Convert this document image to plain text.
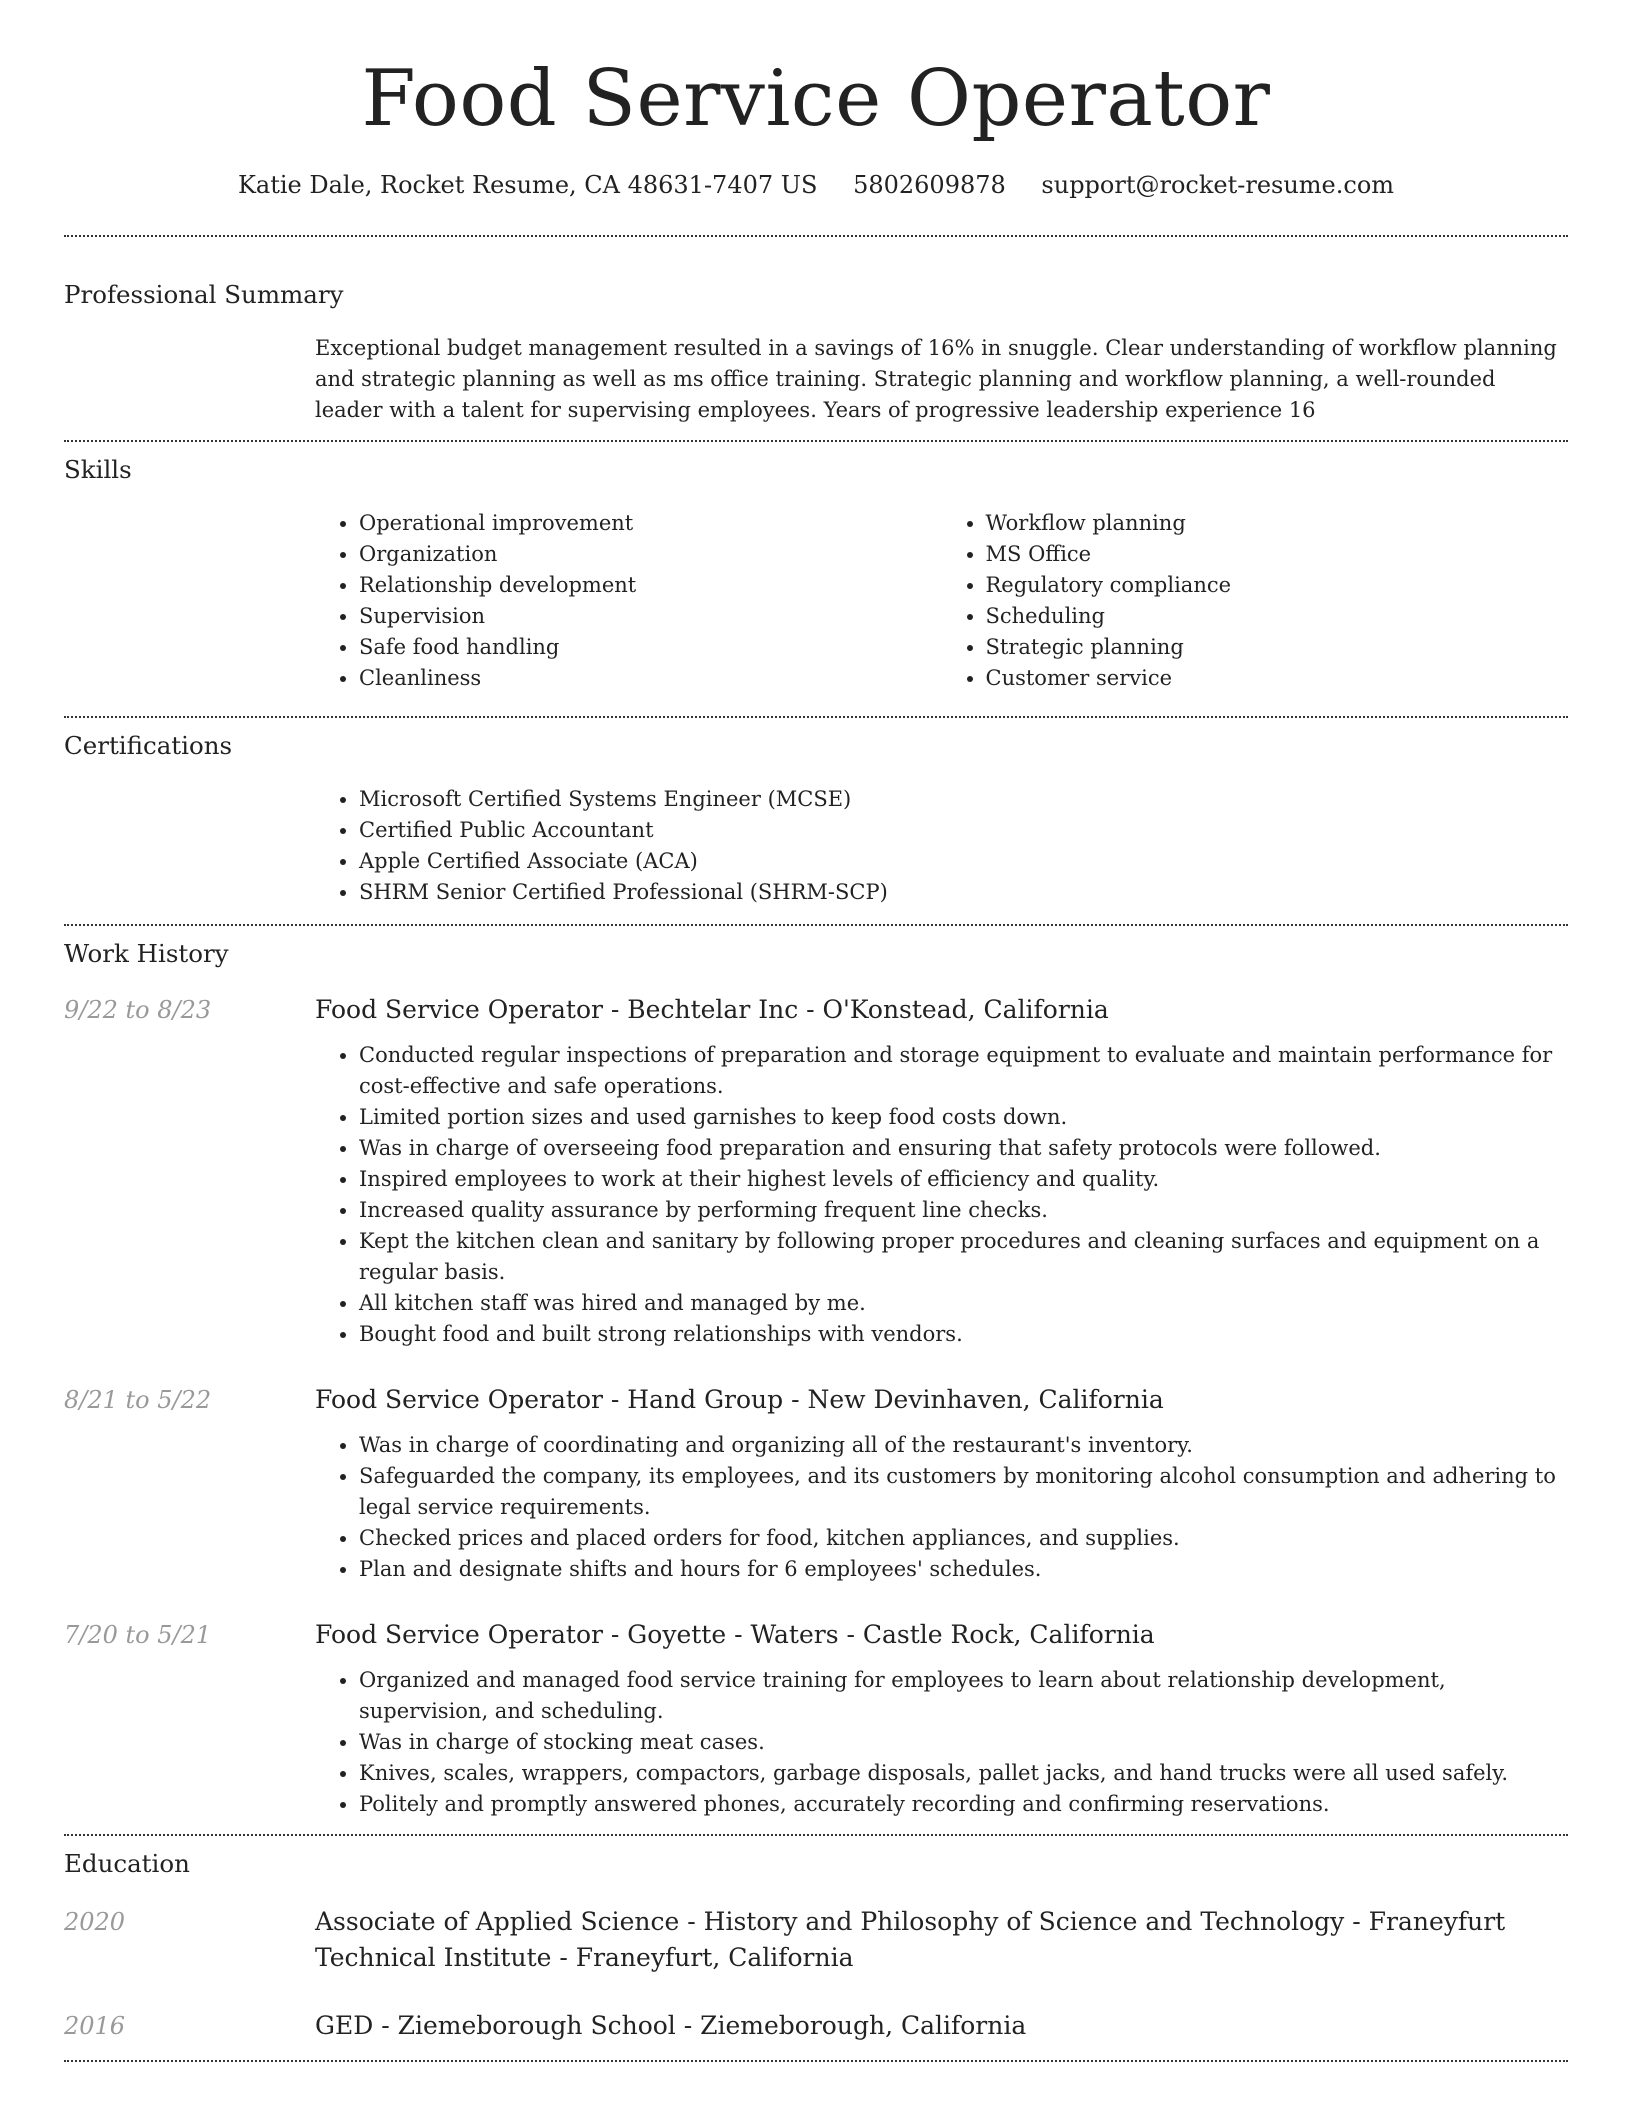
Food Service Operator
Katie Dale, Rocket Resume, CA 48631-7407 US 5802609878 support@rocket-resume.com
Professional Summary
Exceptional budget management resulted in a savings of 16% in snuggle. Clear understanding of workflow planning and strategic planning as well as ms office training. Strategic planning and workflow planning, a well-rounded leader with a talent for supervising employees. Years of progressive leadership experience 16
Skills
• Operational improvement
• Organization
• Relationship development
• Supervision
• Safe food handling
• Cleanliness
• Workflow planning
• MS Office
• Regulatory compliance
• Scheduling
• Strategic planning
• Customer service
Certifications
• Microsoft Certified Systems Engineer (MCSE)
• Certified Public Accountant
• Apple Certified Associate (ACA)
• SHRM Senior Certified Professional (SHRM-SCP)
Work History
9/22 to 8/23	Food Service Operator - Bechtelar Inc - O'Konstead, California
• Conducted regular inspections of preparation and storage equipment to evaluate and maintain performance for cost-effective and safe operations.
• Limited portion sizes and used garnishes to keep food costs down.
• Was in charge of overseeing food preparation and ensuring that safety protocols were followed.
• Inspired employees to work at their highest levels of efficiency and quality.
• Increased quality assurance by performing frequent line checks.
• Kept the kitchen clean and sanitary by following proper procedures and cleaning surfaces and equipment on a regular basis.
• All kitchen staff was hired and managed by me.
• Bought food and built strong relationships with vendors.
8/21 to 5/22	Food Service Operator - Hand Group - New Devinhaven, California
• Was in charge of coordinating and organizing all of the restaurant's inventory.
• Safeguarded the company, its employees, and its customers by monitoring alcohol consumption and adhering to legal service requirements.
• Checked prices and placed orders for food, kitchen appliances, and supplies.
• Plan and designate shifts and hours for 6 employees' schedules.
7/20 to 5/21	Food Service Operator - Goyette - Waters - Castle Rock, California
• Organized and managed food service training for employees to learn about relationship development, supervision, and scheduling.
• Was in charge of stocking meat cases.
• Knives, scales, wrappers, compactors, garbage disposals, pallet jacks, and hand trucks were all used safely.
• Politely and promptly answered phones, accurately recording and confirming reservations.
Education
2020	Associate of Applied Science - History and Philosophy of Science and Technology - Franeyfurt Technical Institute - Franeyfurt, California
2016	GED - Ziemeborough School - Ziemeborough, California
